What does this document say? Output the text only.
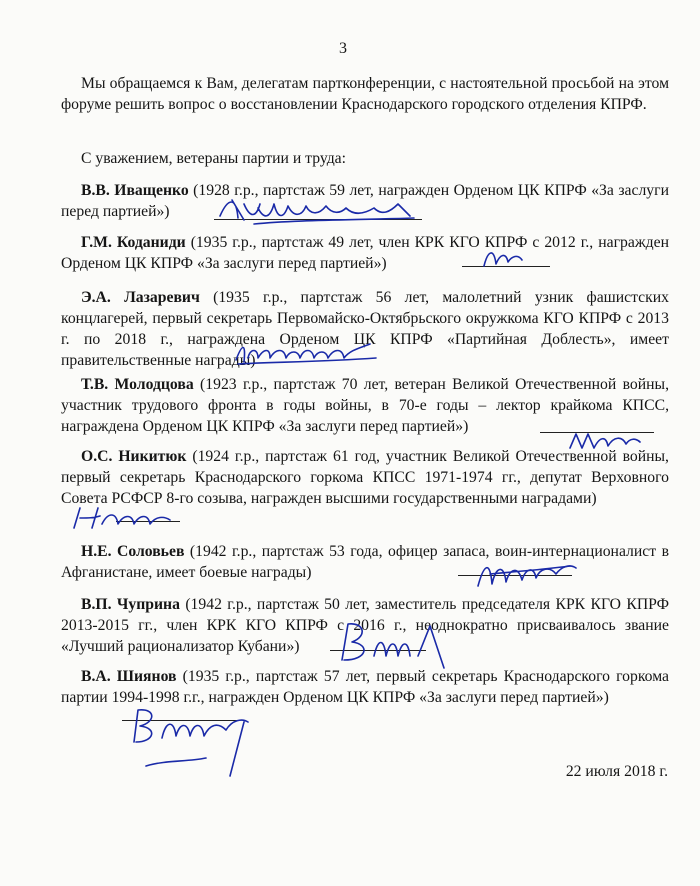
3

Мы обращаемся к Вам, делегатам партконференции, с настоятельной просьбой на этом форуме решить вопрос о восстановлении Краснодарского городского отделения КПРФ.

С уважением, ветераны партии и труда:

В.В. Иващенко (1928 г.р., партстаж 59 лет, награжден Орденом ЦК КПРФ «За заслуги перед партией»)

Г.М. Коданиди (1935 г.р., партстаж 49 лет, член КРК КГО КПРФ с 2012 г., награжден Орденом ЦК КПРФ «За заслуги перед партией»)

Э.А. Лазаревич (1935 г.р., партстаж 56 лет, малолетний узник фашистских концлагерей, первый секретарь Первомайско-Октябрьского окружкома КГО КПРФ с 2013 г. по 2018 г., награждена Орденом ЦК КПРФ «Партийная Доблесть», имеет правительственные награды)

Т.В. Молодцова (1923 г.р., партстаж 70 лет, ветеран Великой Отечественной войны, участник трудового фронта в годы войны, в 70-е годы – лектор крайкома КПСС, награждена Орденом ЦК КПРФ «За заслуги перед партией»)

О.С. Никитюк (1924 г.р., партстаж 61 год, участник Великой Отечественной войны, первый секретарь Краснодарского горкома КПСС 1971-1974 гг., депутат Верховного Совета РСФСР 8-го созыва, награжден высшими государственными наградами)

Н.Е. Соловьев (1942 г.р., партстаж 53 года, офицер запаса, воин-интернационалист в Афганистане, имеет боевые награды)

В.П. Чуприна (1942 г.р., партстаж 50 лет, заместитель председателя КРК КГО КПРФ 2013-2015 гг., член КРК КГО КПРФ с 2016 г., неоднократно присваивалось звание «Лучший рационализатор Кубани»)

В.А. Шиянов (1935 г.р., партстаж 57 лет, первый секретарь Краснодарского горкома партии 1994-1998 г.г., награжден Орденом ЦК КПРФ «За заслуги перед партией»)

22 июля 2018 г.
